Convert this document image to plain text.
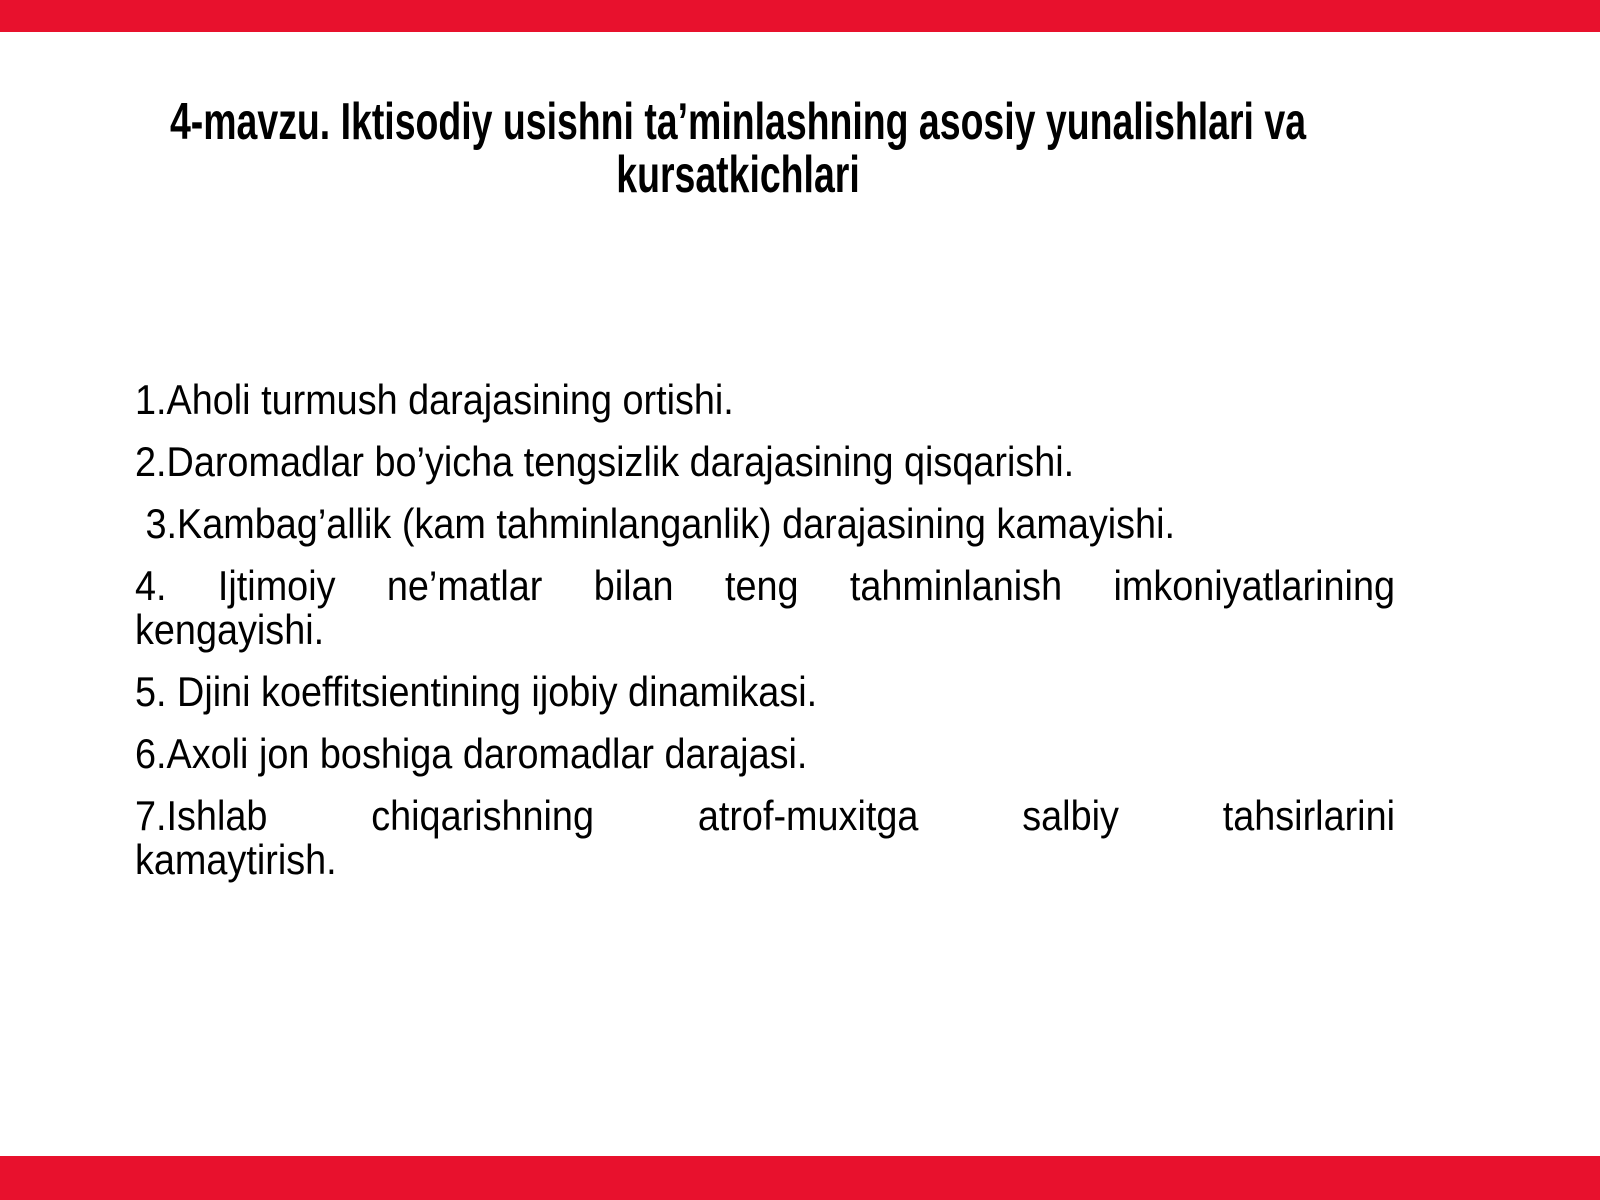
4-mavzu. Iktisodiy usishni ta’minlashning asosiy yunalishlari va
kursatkichlari
1.Aholi turmush darajasining ortishi.
2.Daromadlar bo’yicha tengsizlik darajasining qisqarishi.
3.Kambag’allik (kam tahminlanganlik) darajasining kamayishi.
4. Ijtimoiy ne’matlar bilan teng tahminlanish imkoniyatlarining
kengayishi.
5. Djini koeffitsientining ijobiy dinamikasi.
6.Axoli jon boshiga daromadlar darajasi.
7.Ishlab chiqarishning atrof-muxitga salbiy tahsirlarini
kamaytirish.
